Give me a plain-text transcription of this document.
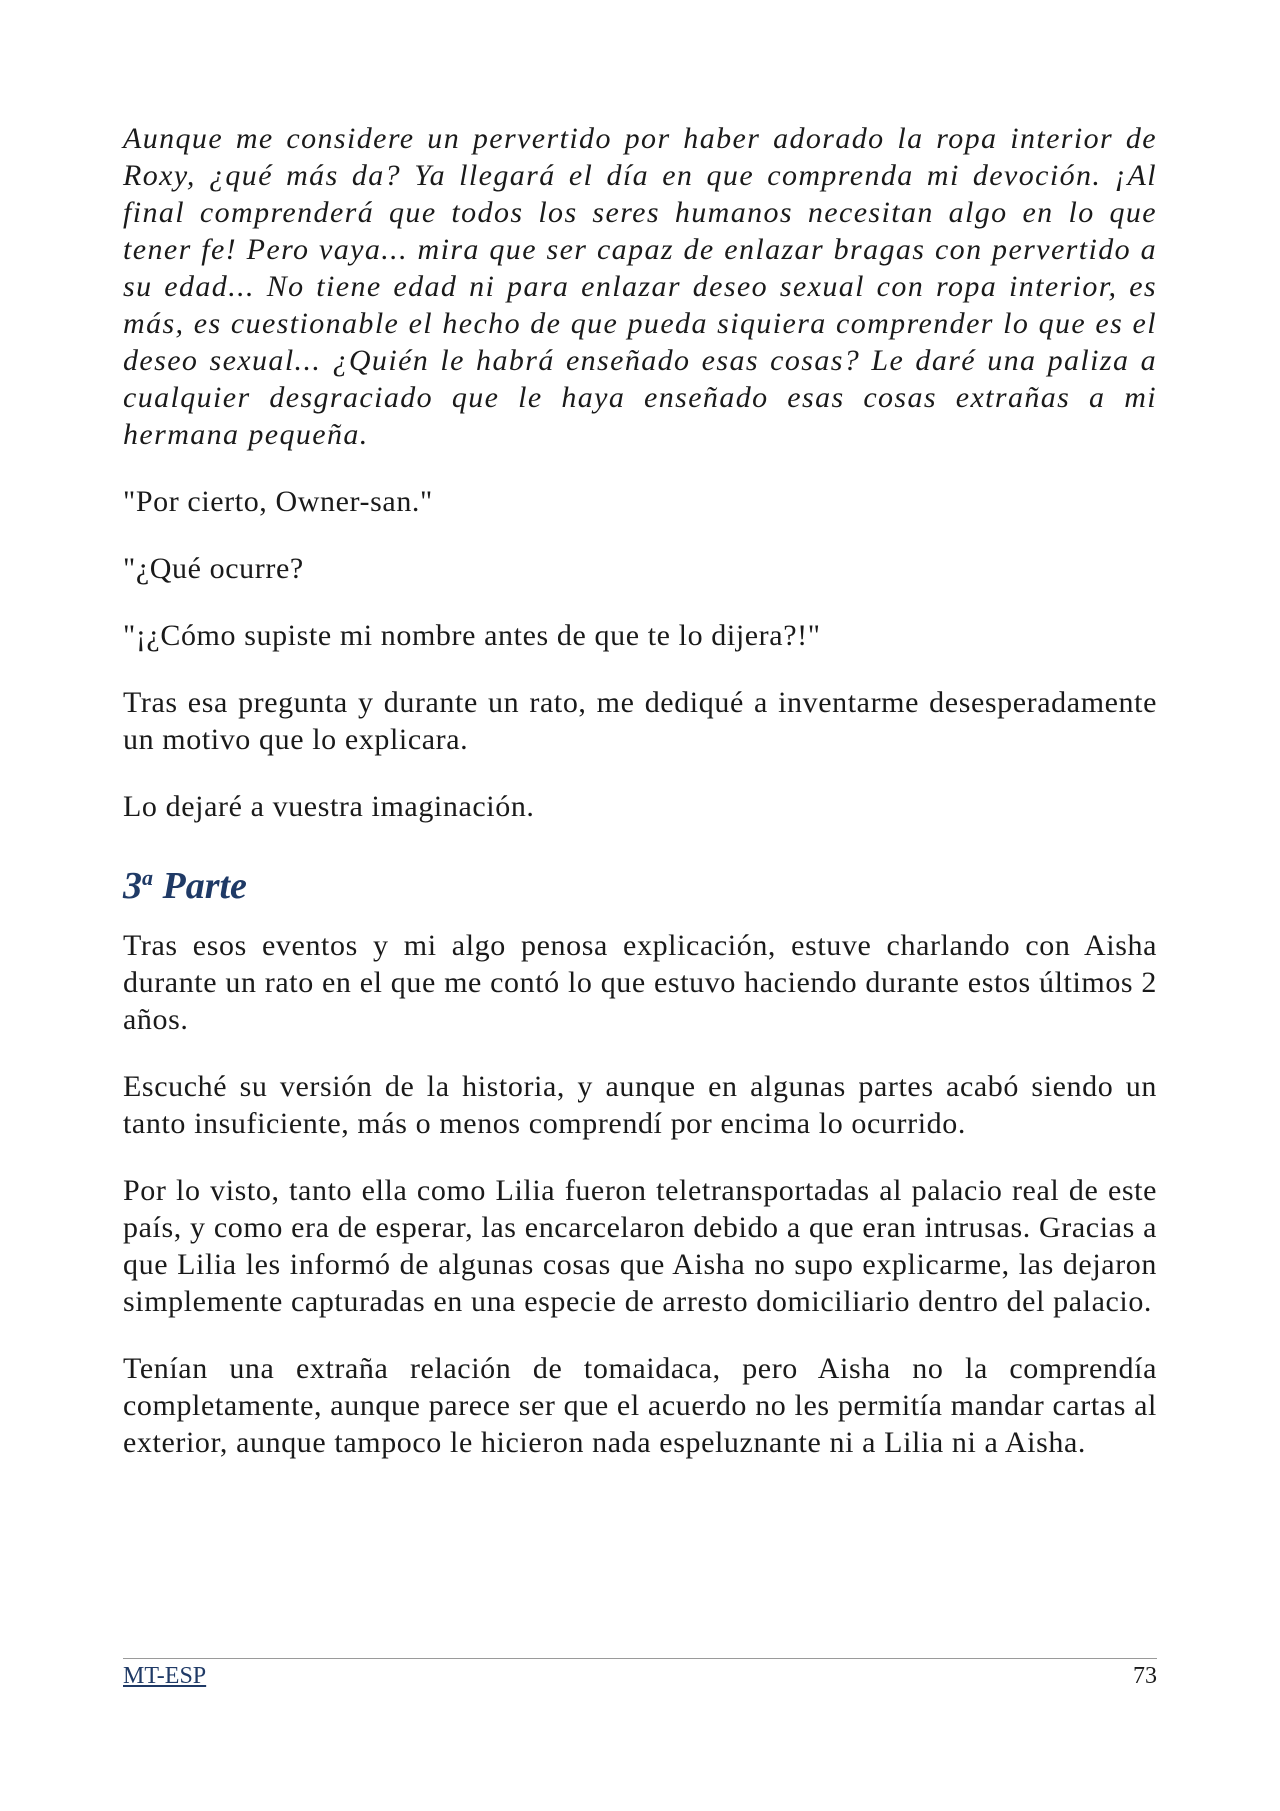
Aunque me considere un pervertido por haber adorado la ropa interior de Roxy, ¿qué más da? Ya llegará el día en que comprenda mi devoción. ¡Al final comprenderá que todos los seres humanos necesitan algo en lo que tener fe! Pero vaya... mira que ser capaz de enlazar bragas con pervertido a su edad... No tiene edad ni para enlazar deseo sexual con ropa interior, es más, es cuestionable el hecho de que pueda siquiera comprender lo que es el deseo sexual... ¿Quién le habrá enseñado esas cosas? Le daré una paliza a cualquier desgraciado que le haya enseñado esas cosas extrañas a mi hermana pequeña.

"Por cierto, Owner-san."

"¿Qué ocurre?

"¡¿Cómo supiste mi nombre antes de que te lo dijera?!"

Tras esa pregunta y durante un rato, me dediqué a inventarme desesperadamente un motivo que lo explicara.

Lo dejaré a vuestra imaginación.

3$^a$ Parte

Tras esos eventos y mi algo penosa explicación, estuve charlando con Aisha durante un rato en el que me contó lo que estuvo haciendo durante estos últimos 2 años.

Escuché su versión de la historia, y aunque en algunas partes acabó siendo un tanto insuficiente, más o menos comprendí por encima lo ocurrido.

Por lo visto, tanto ella como Lilia fueron teletransportadas al palacio real de este país, y como era de esperar, las encarcelaron debido a que eran intrusas. Gracias a que Lilia les informó de algunas cosas que Aisha no supo explicarme, las dejaron simplemente capturadas en una especie de arresto domiciliario dentro del palacio.

Tenían una extraña relación de tomaidaca, pero Aisha no la comprendía completamente, aunque parece ser que el acuerdo no les permitía mandar cartas al exterior, aunque tampoco le hicieron nada espeluznante ni a Lilia ni a Aisha.

MT-ESP	73
